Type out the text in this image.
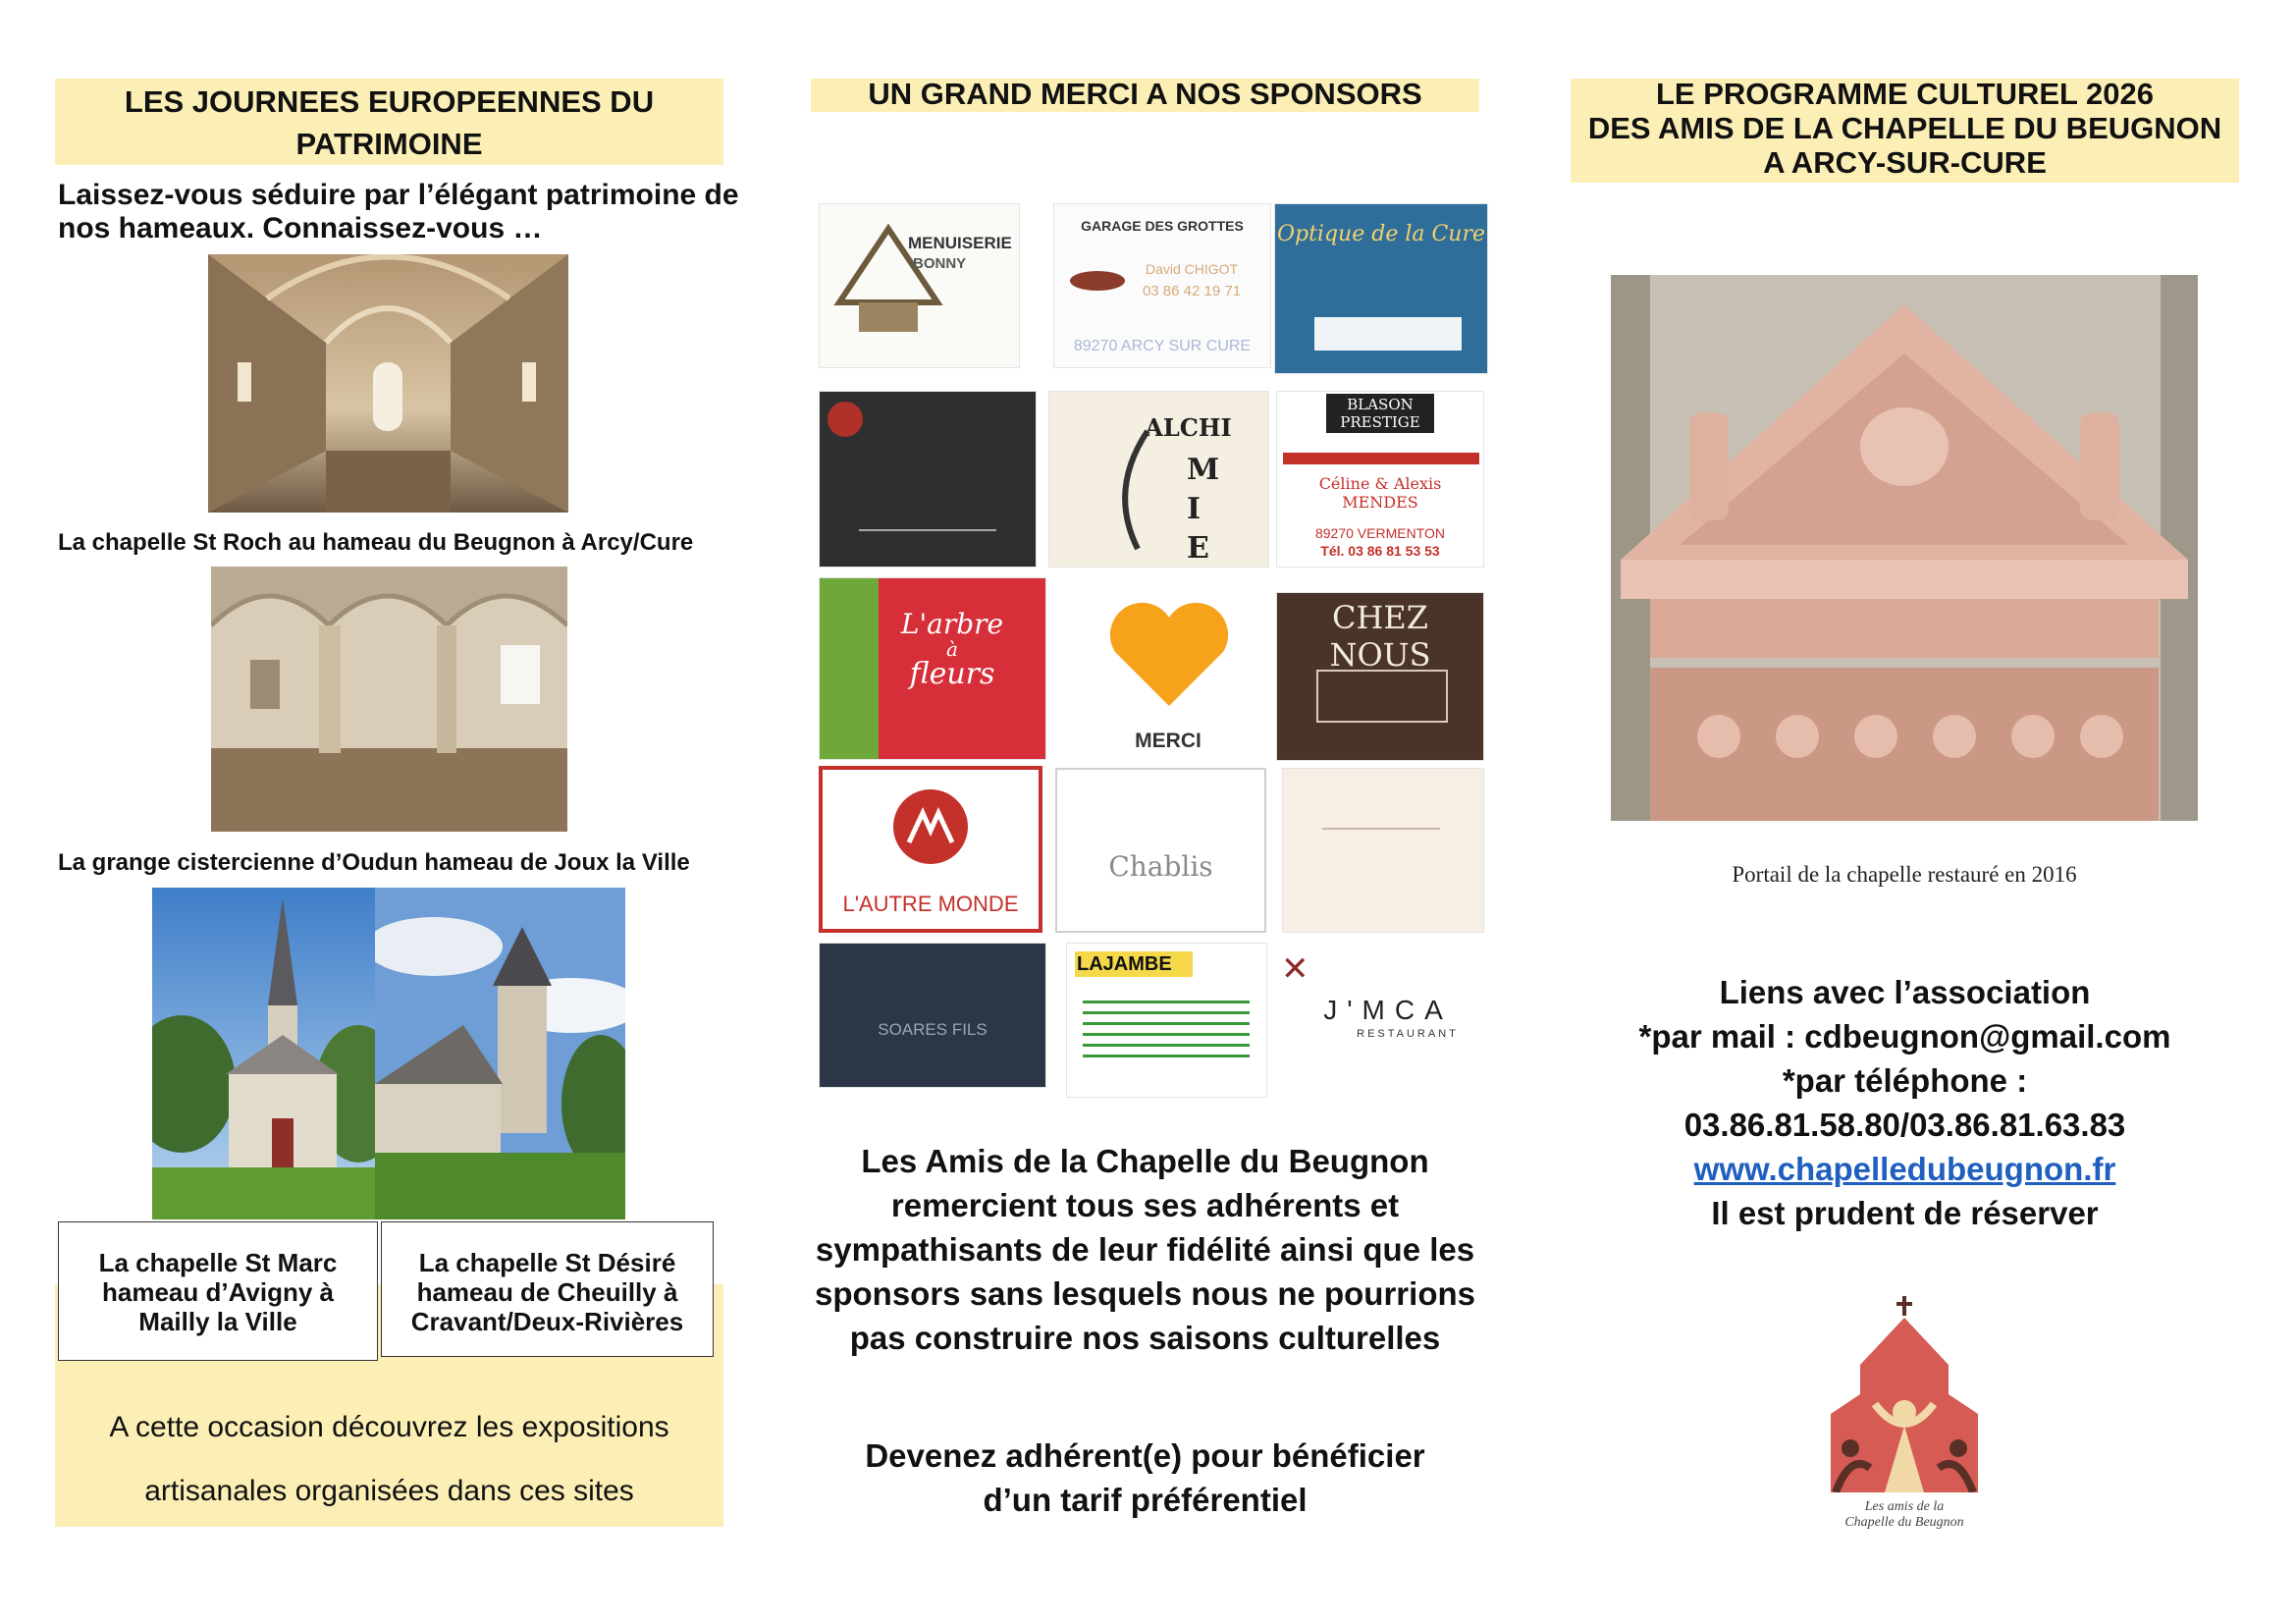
LES JOURNEES EUROPEENNES DU
PATRIMOINE
Laissez-vous séduire par l’élégant patrimoine de
nos hameaux. Connaissez-vous …
La chapelle St Roch au hameau du Beugnon à Arcy/Cure
La grange cistercienne d’Oudun hameau de Joux la Ville
La chapelle St Marc
hameau d’Avigny à
Mailly la Ville
La chapelle St Désiré
hameau de Cheuilly à
Cravant/Deux-Rivières
A cette occasion découvrez les expositions
artisanales organisées dans ces sites
UN GRAND MERCI A NOS SPONSORS
MENUISERIE
BONNY
GARAGE DES GROTTES
David CHIGOT
03 86 42 19 71
89270 ARCY SUR CURE
Optique de la Cure
ALCHI
M I E
BLASON
PRESTIGE
Céline & Alexis MENDES
89270 VERMENTON
Tél. 03 86 81 53 53
L'arbre
à
fleurs
MERCI
CHEZ NOUS
L'AUTRE MONDE
Chablis
SOARES FILS
LAJAMBE	✕
J'MCA
RESTAURANT
Les Amis de la Chapelle du Beugnon
remercient tous ses adhérents et
sympathisants de leur fidélité ainsi que les
sponsors sans lesquels nous ne pourrions
pas construire nos saisons culturelles
Devenez adhérent(e) pour bénéficier
d’un tarif préférentiel
LE PROGRAMME CULTUREL 2026
DES AMIS DE LA CHAPELLE DU BEUGNON
A ARCY-SUR-CURE
Portail de la chapelle restauré en 2016
Liens avec l’association
*par mail : cdbeugnon@gmail.com
*par téléphone :
03.86.81.58.80/03.86.81.63.83
www.chapelledubeugnon.fr
Il est prudent de réserver
Les amis de la
Chapelle du Beugnon
